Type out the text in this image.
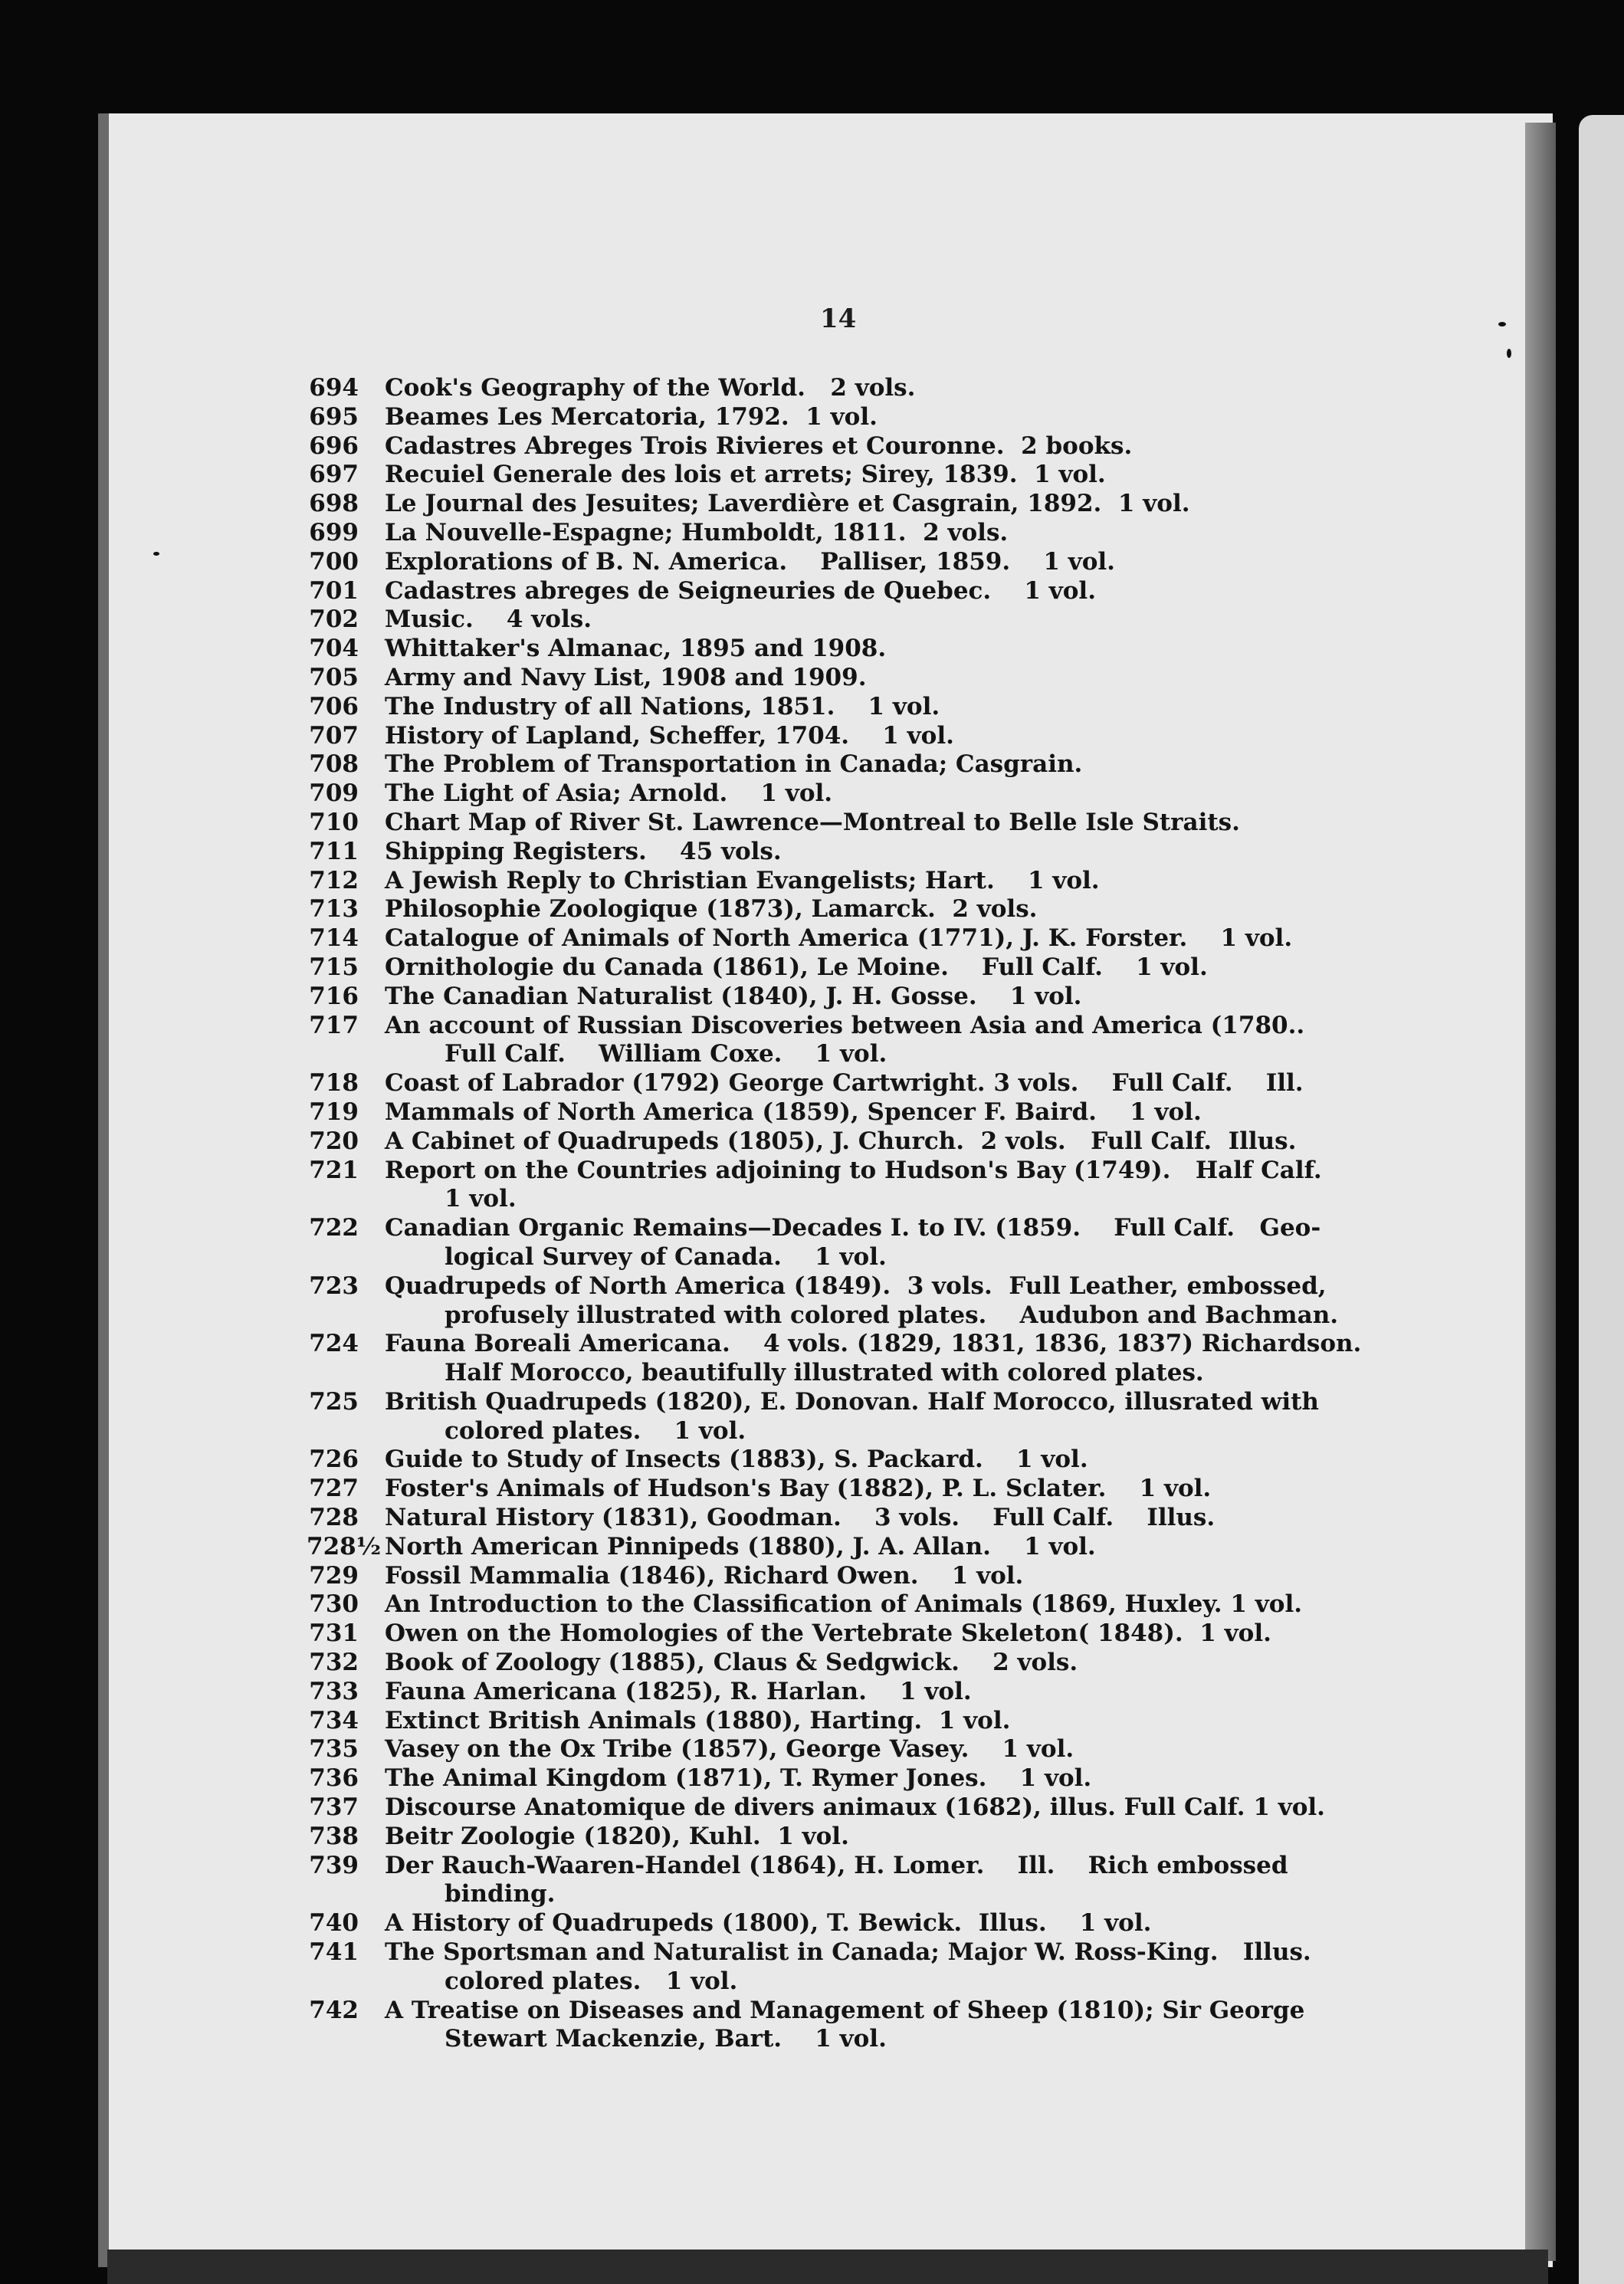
14
694 Cook's Geography of the World.   2 vols.
695 Beames Les Mercatoria, 1792.  1 vol.
696 Cadastres Abreges Trois Rivieres et Couronne.  2 books.
697 Recuiel Generale des lois et arrets; Sirey, 1839.  1 vol.
698 Le Journal des Jesuites; Laverdière et Casgrain, 1892.  1 vol.
699 La Nouvelle-Espagne; Humboldt, 1811.  2 vols.
700 Explorations of B. N. America.    Palliser, 1859.    1 vol.
701 Cadastres abreges de Seigneuries de Quebec.    1 vol.
702 Music.    4 vols.
704 Whittaker's Almanac, 1895 and 1908.
705 Army and Navy List, 1908 and 1909.
706 The Industry of all Nations, 1851.    1 vol.
707 History of Lapland, Scheffer, 1704.    1 vol.
708 The Problem of Transportation in Canada; Casgrain.
709 The Light of Asia; Arnold.    1 vol.
710 Chart Map of River St. Lawrence—Montreal to Belle Isle Straits.
711 Shipping Registers.    45 vols.
712 A Jewish Reply to Christian Evangelists; Hart.    1 vol.
713 Philosophie Zoologique (1873), Lamarck.  2 vols.
714 Catalogue of Animals of North America (1771), J. K. Forster.    1 vol.
715 Ornithologie du Canada (1861), Le Moine.    Full Calf.    1 vol.
716 The Canadian Naturalist (1840), J. H. Gosse.    1 vol.
717 An account of Russian Discoveries between Asia and America (1780..
Full Calf.    William Coxe.    1 vol.
718 Coast of Labrador (1792) George Cartwright. 3 vols.    Full Calf.    Ill.
719 Mammals of North America (1859), Spencer F. Baird.    1 vol.
720 A Cabinet of Quadrupeds (1805), J. Church.  2 vols.   Full Calf.  Illus.
721 Report on the Countries adjoining to Hudson's Bay (1749).   Half Calf.
1 vol.
722 Canadian Organic Remains—Decades I. to IV. (1859.    Full Calf.   Geo-
logical Survey of Canada.    1 vol.
723 Quadrupeds of North America (1849).  3 vols.  Full Leather, embossed,
profusely illustrated with colored plates.    Audubon and Bachman.
724 Fauna Boreali Americana.    4 vols. (1829, 1831, 1836, 1837) Richardson.
Half Morocco, beautifully illustrated with colored plates.
725 British Quadrupeds (1820), E. Donovan. Half Morocco, illusrated with
colored plates.    1 vol.
726 Guide to Study of Insects (1883), S. Packard.    1 vol.
727 Foster's Animals of Hudson's Bay (1882), P. L. Sclater.    1 vol.
728 Natural History (1831), Goodman.    3 vols.    Full Calf.    Illus.
728½ North American Pinnipeds (1880), J. A. Allan.    1 vol.
729 Fossil Mammalia (1846), Richard Owen.    1 vol.
730 An Introduction to the Classification of Animals (1869, Huxley. 1 vol.
731 Owen on the Homologies of the Vertebrate Skeleton( 1848).  1 vol.
732 Book of Zoology (1885), Claus & Sedgwick.    2 vols.
733 Fauna Americana (1825), R. Harlan.    1 vol.
734 Extinct British Animals (1880), Harting.  1 vol.
735 Vasey on the Ox Tribe (1857), George Vasey.    1 vol.
736 The Animal Kingdom (1871), T. Rymer Jones.    1 vol.
737 Discourse Anatomique de divers animaux (1682), illus. Full Calf. 1 vol.
738 Beitr Zoologie (1820), Kuhl.  1 vol.
739 Der Rauch-Waaren-Handel (1864), H. Lomer.    Ill.    Rich embossed
binding.
740 A History of Quadrupeds (1800), T. Bewick.  Illus.    1 vol.
741 The Sportsman and Naturalist in Canada; Major W. Ross-King.   Illus.
colored plates.   1 vol.
742 A Treatise on Diseases and Management of Sheep (1810); Sir George
Stewart Mackenzie, Bart.    1 vol.
